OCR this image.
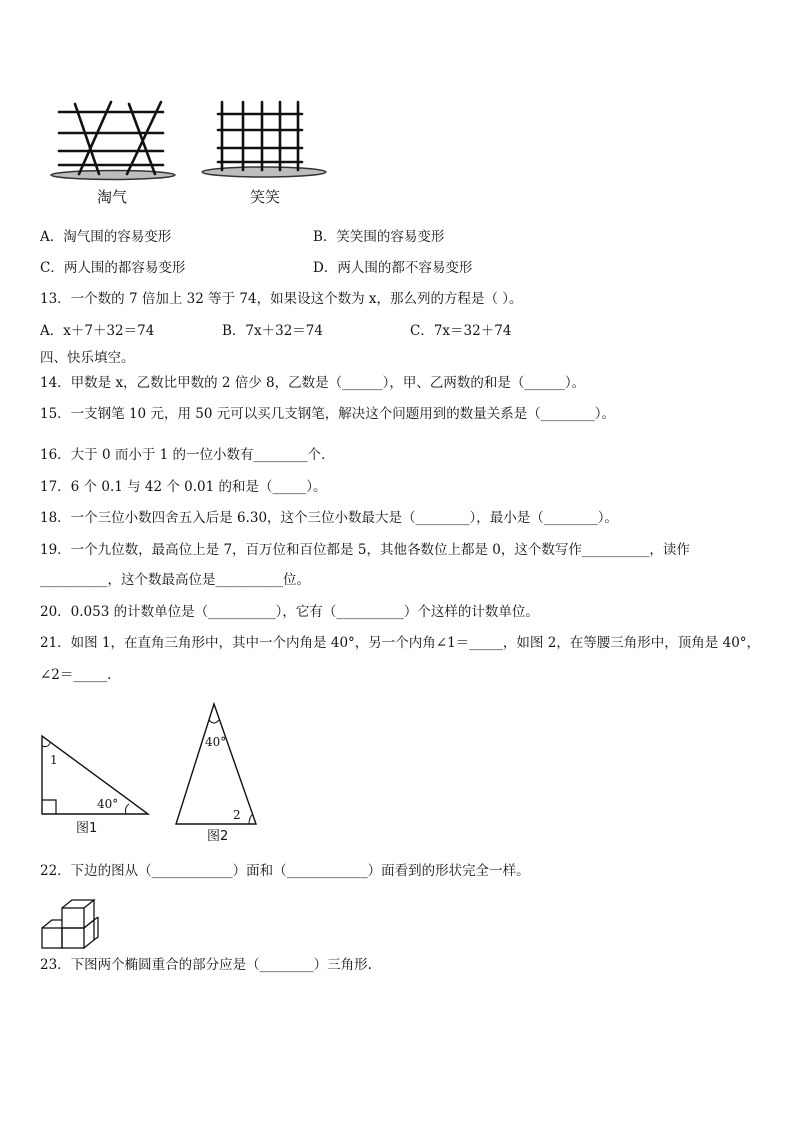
淘气	笑笑
A．淘气围的容易变形	B．笑笑围的容易变形
C．两人围的都容易变形	D．两人围的都不容易变形
13．一个数的 7 倍加上 32 等于 74，如果设这个数为 x，那么列的方程是（ ）。
A．x＋7＋32＝74	B．7x＋32＝74	C．7x＝32＋74
四、快乐填空。
14．甲数是 x，乙数比甲数的 2 倍少 8，乙数是（______），甲、乙两数的和是（______）。
15．一支钢笔 10 元，用 50 元可以买几支钢笔，解决这个问题用到的数量关系是（________）。
16．大于 0 而小于 1 的一位小数有________个.
17．6 个 0.1 与 42 个 0.01 的和是（_____）。
18．一个三位小数四舍五入后是 6.30，这个三位小数最大是（________），最小是（________）。
19．一个九位数，最高位上是 7，百万位和百位都是 5，其他各数位上都是 0，这个数写作__________，读作
__________，这个数最高位是__________位。
20．0.053 的计数单位是（__________），它有（__________）个这样的计数单位。
21．如图 1，在直角三角形中，其中一个内角是 40°，另一个内角∠1＝_____，如图 2，在等腰三角形中，顶角是 40°，
∠2＝_____.
1
40°
图1
40°
2
图2
22．下边的图从（____________）面和（____________）面看到的形状完全一样。
23．下图两个椭圆重合的部分应是（________）三角形.
